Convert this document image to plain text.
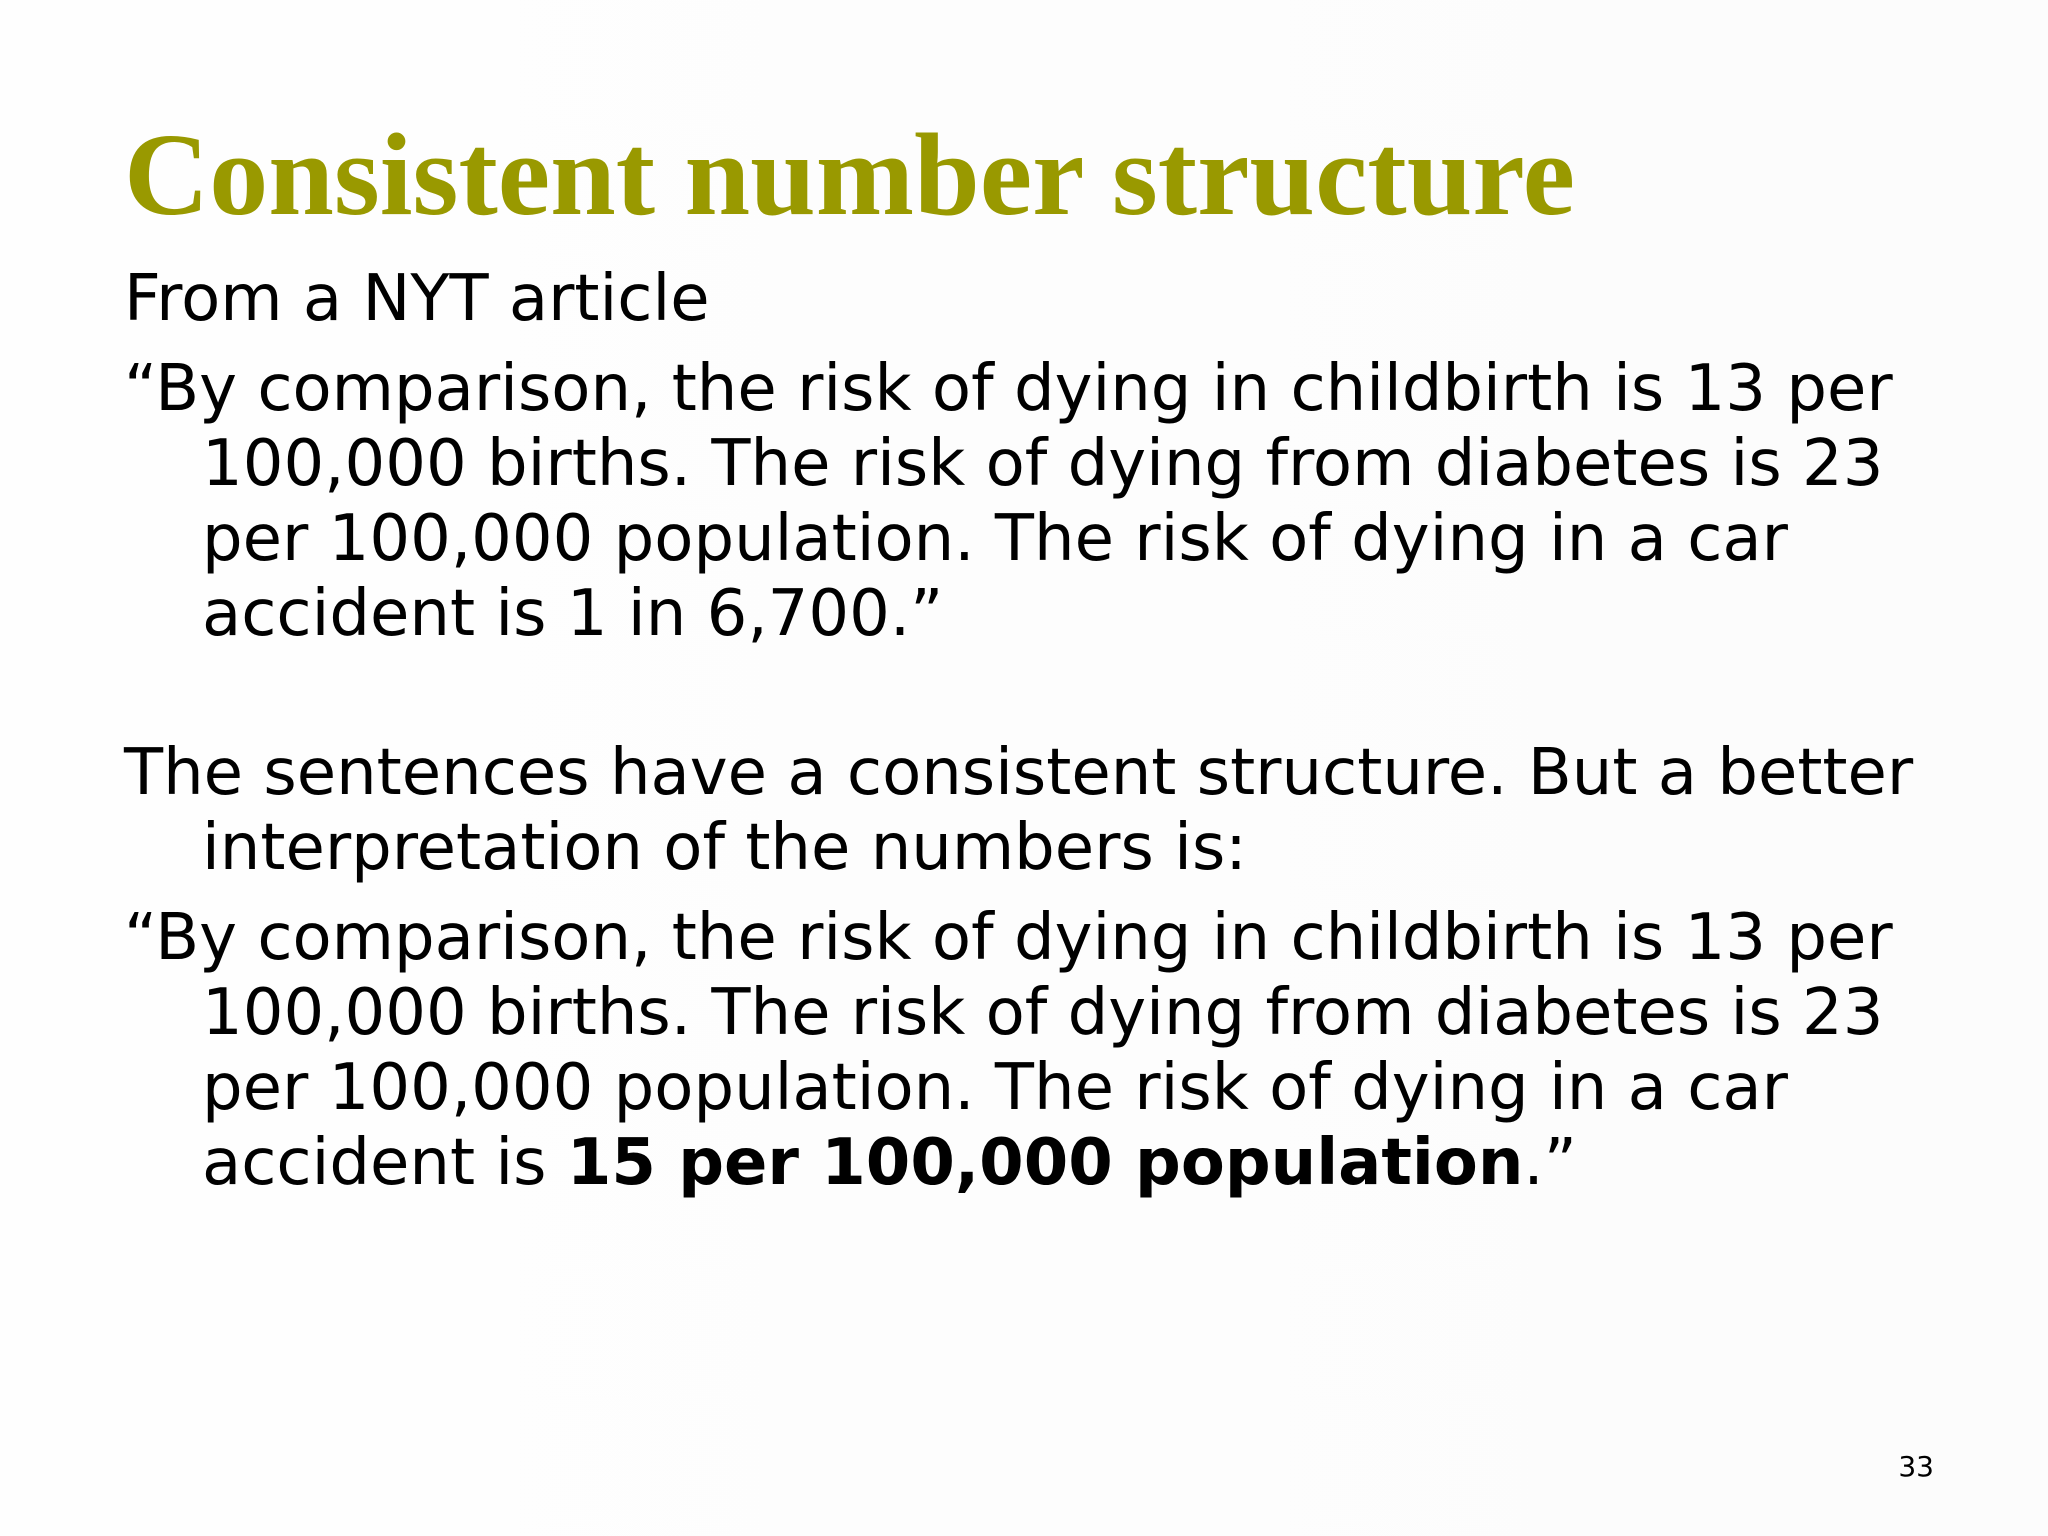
Consistent number structure

From a NYT article

“By comparison, the risk of dying in childbirth is 13 per 100,000 births. The risk of dying from diabetes is 23 per 100,000 population. The risk of dying in a car accident is 1 in 6,700.”

The sentences have a consistent structure. But a better interpretation of the numbers is:

“By comparison, the risk of dying in childbirth is 13 per 100,000 births. The risk of dying from diabetes is 23 per 100,000 population. The risk of dying in a car accident is 15 per 100,000 population.”

33
